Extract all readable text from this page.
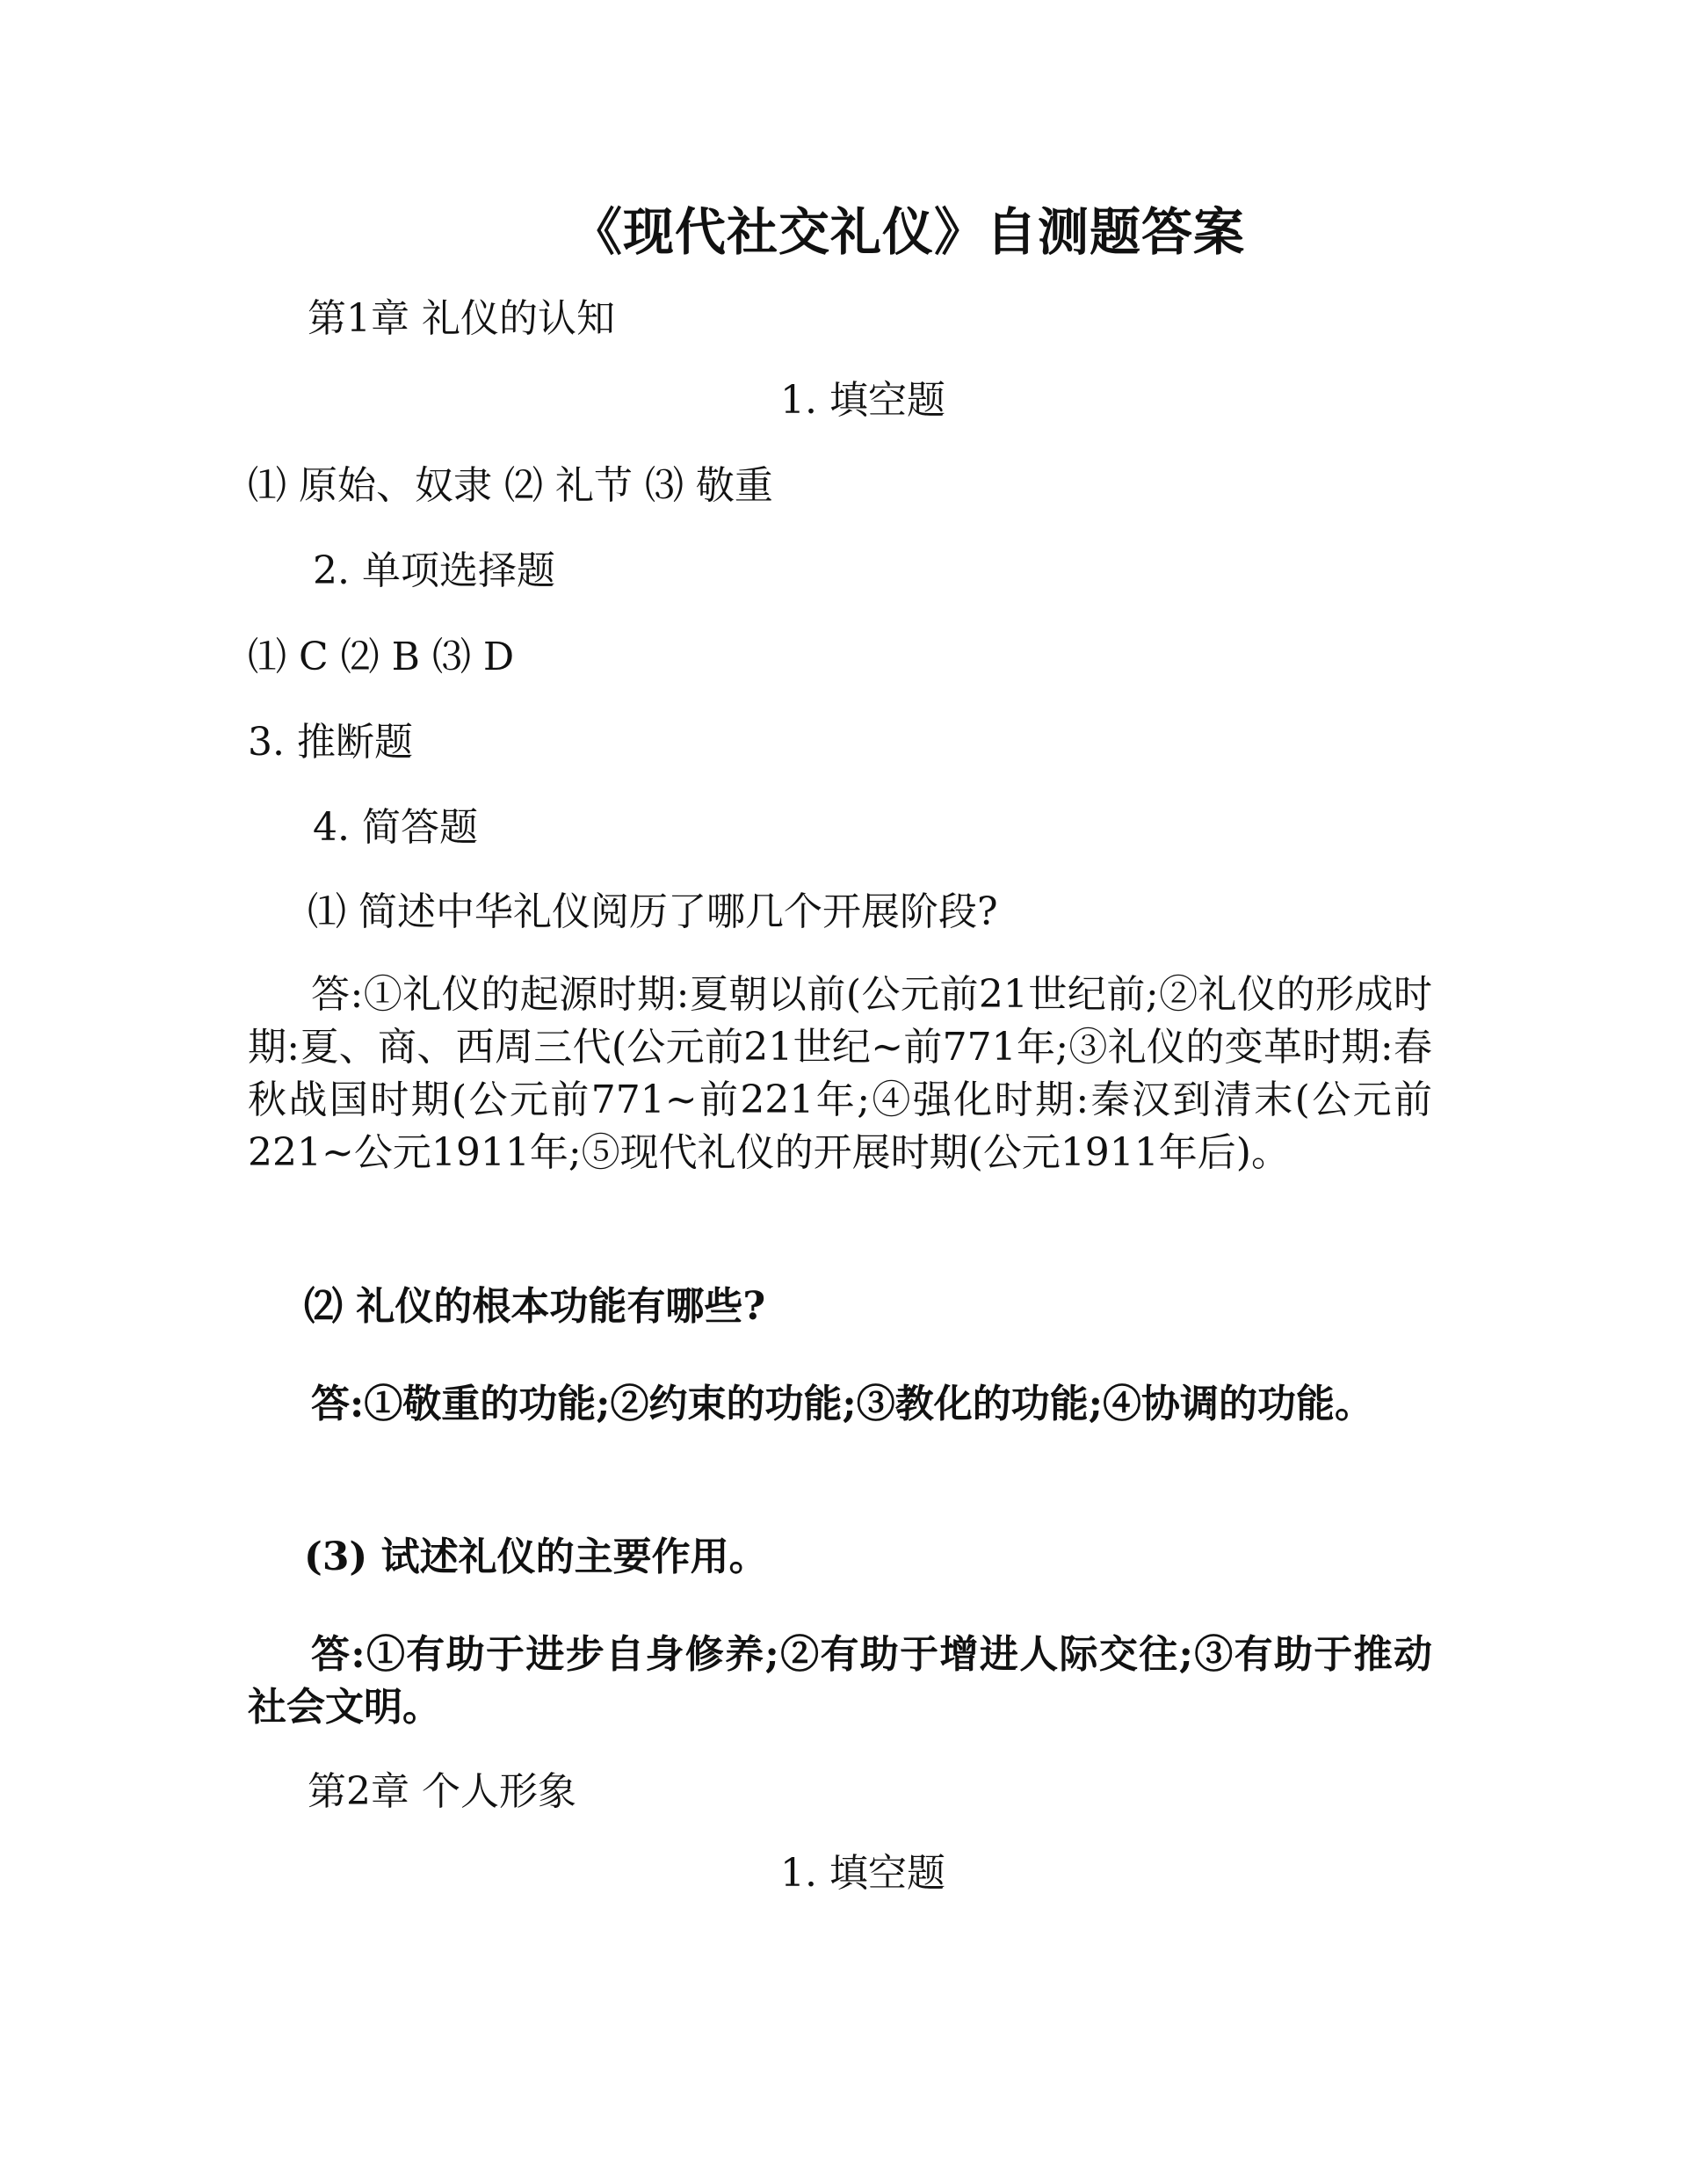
《现代社交礼仪》自测题答案

第1章 礼仪的认知

1. 填空题

⑴ 原始、奴隶 ⑵ 礼节 ⑶ 敬重

2. 单项选择题

⑴ C ⑵ B ⑶ D

3. 推断题

4. 简答题

⑴ 简述中华礼仪阅历了哪几个开展阶段?

答:①礼仪的起源时期:夏朝以前(公元前21世纪前;②礼仪的形成时期:夏、商、西周三代(公元前21世纪~前771年;③礼仪的变革时期:春秋战国时期(公元前771~前221年;④强化时期:秦汉到清末(公元前221~公元1911年;⑤现代礼仪的开展时期(公元1911年后)。

⑵ 礼仪的根本功能有哪些?

答:①敬重的功能;②约束的功能;③教化的功能;④协调的功能。

(3) 试述礼仪的主要作用。

答:①有助于进步自身修养;②有助于增进人际交往;③有助于推动社会文明。

第2章 个人形象

1. 填空题
